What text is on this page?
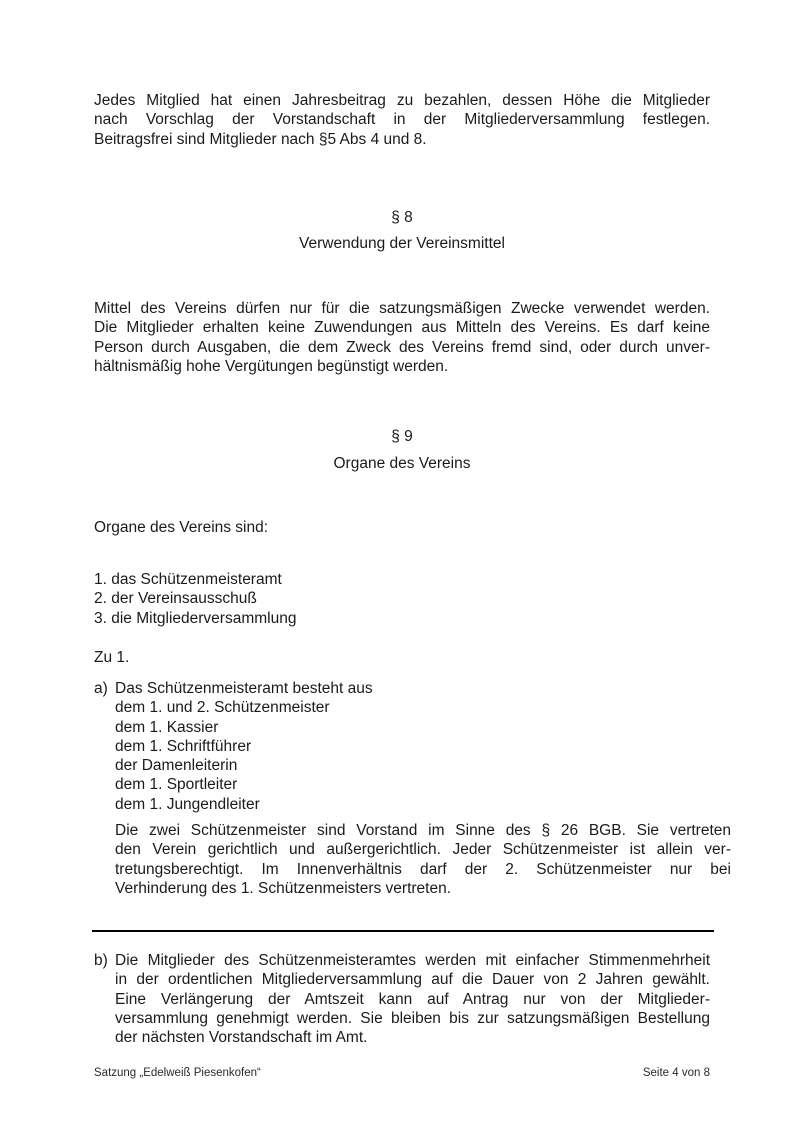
Jedes Mitglied hat einen Jahresbeitrag zu bezahlen, dessen Höhe die Mitglieder
nach Vorschlag der Vorstandschaft in der Mitgliederversammlung festlegen.
Beitragsfrei sind Mitglieder nach §5 Abs 4 und 8.
§ 8
Verwendung der Vereinsmittel
Mittel des Vereins dürfen nur für die satzungsmäßigen Zwecke verwendet werden.
Die Mitglieder erhalten keine Zuwendungen aus Mitteln des Vereins. Es darf keine
Person durch Ausgaben, die dem Zweck des Vereins fremd sind, oder durch unver-
hältnismäßig hohe Vergütungen begünstigt werden.
§ 9
Organe des Vereins
Organe des Vereins sind:
1. das Schützenmeisteramt
2. der Vereinsausschuß
3. die Mitgliederversammlung
Zu 1.
a) Das Schützenmeisteramt besteht aus
dem 1. und 2. Schützenmeister
dem 1. Kassier
dem 1. Schriftführer
der Damenleiterin
dem 1. Sportleiter
dem 1. Jungendleiter
Die zwei Schützenmeister sind Vorstand im Sinne des § 26 BGB. Sie vertreten
den Verein gerichtlich und außergerichtlich. Jeder Schützenmeister ist allein ver-
tretungsberechtigt. Im Innenverhältnis darf der 2. Schützenmeister nur bei
Verhinderung des 1. Schützenmeisters vertreten.
b) Die Mitglieder des Schützenmeisteramtes werden mit einfacher Stimmenmehrheit
in der ordentlichen Mitgliederversammlung auf die Dauer von 2 Jahren gewählt.
Eine Verlängerung der Amtszeit kann auf Antrag nur von der Mitglieder-
versammlung genehmigt werden. Sie bleiben bis zur satzungsmäßigen Bestellung
der nächsten Vorstandschaft im Amt.
Satzung „Edelweiß Piesenkofen“	Seite 4 von 8
